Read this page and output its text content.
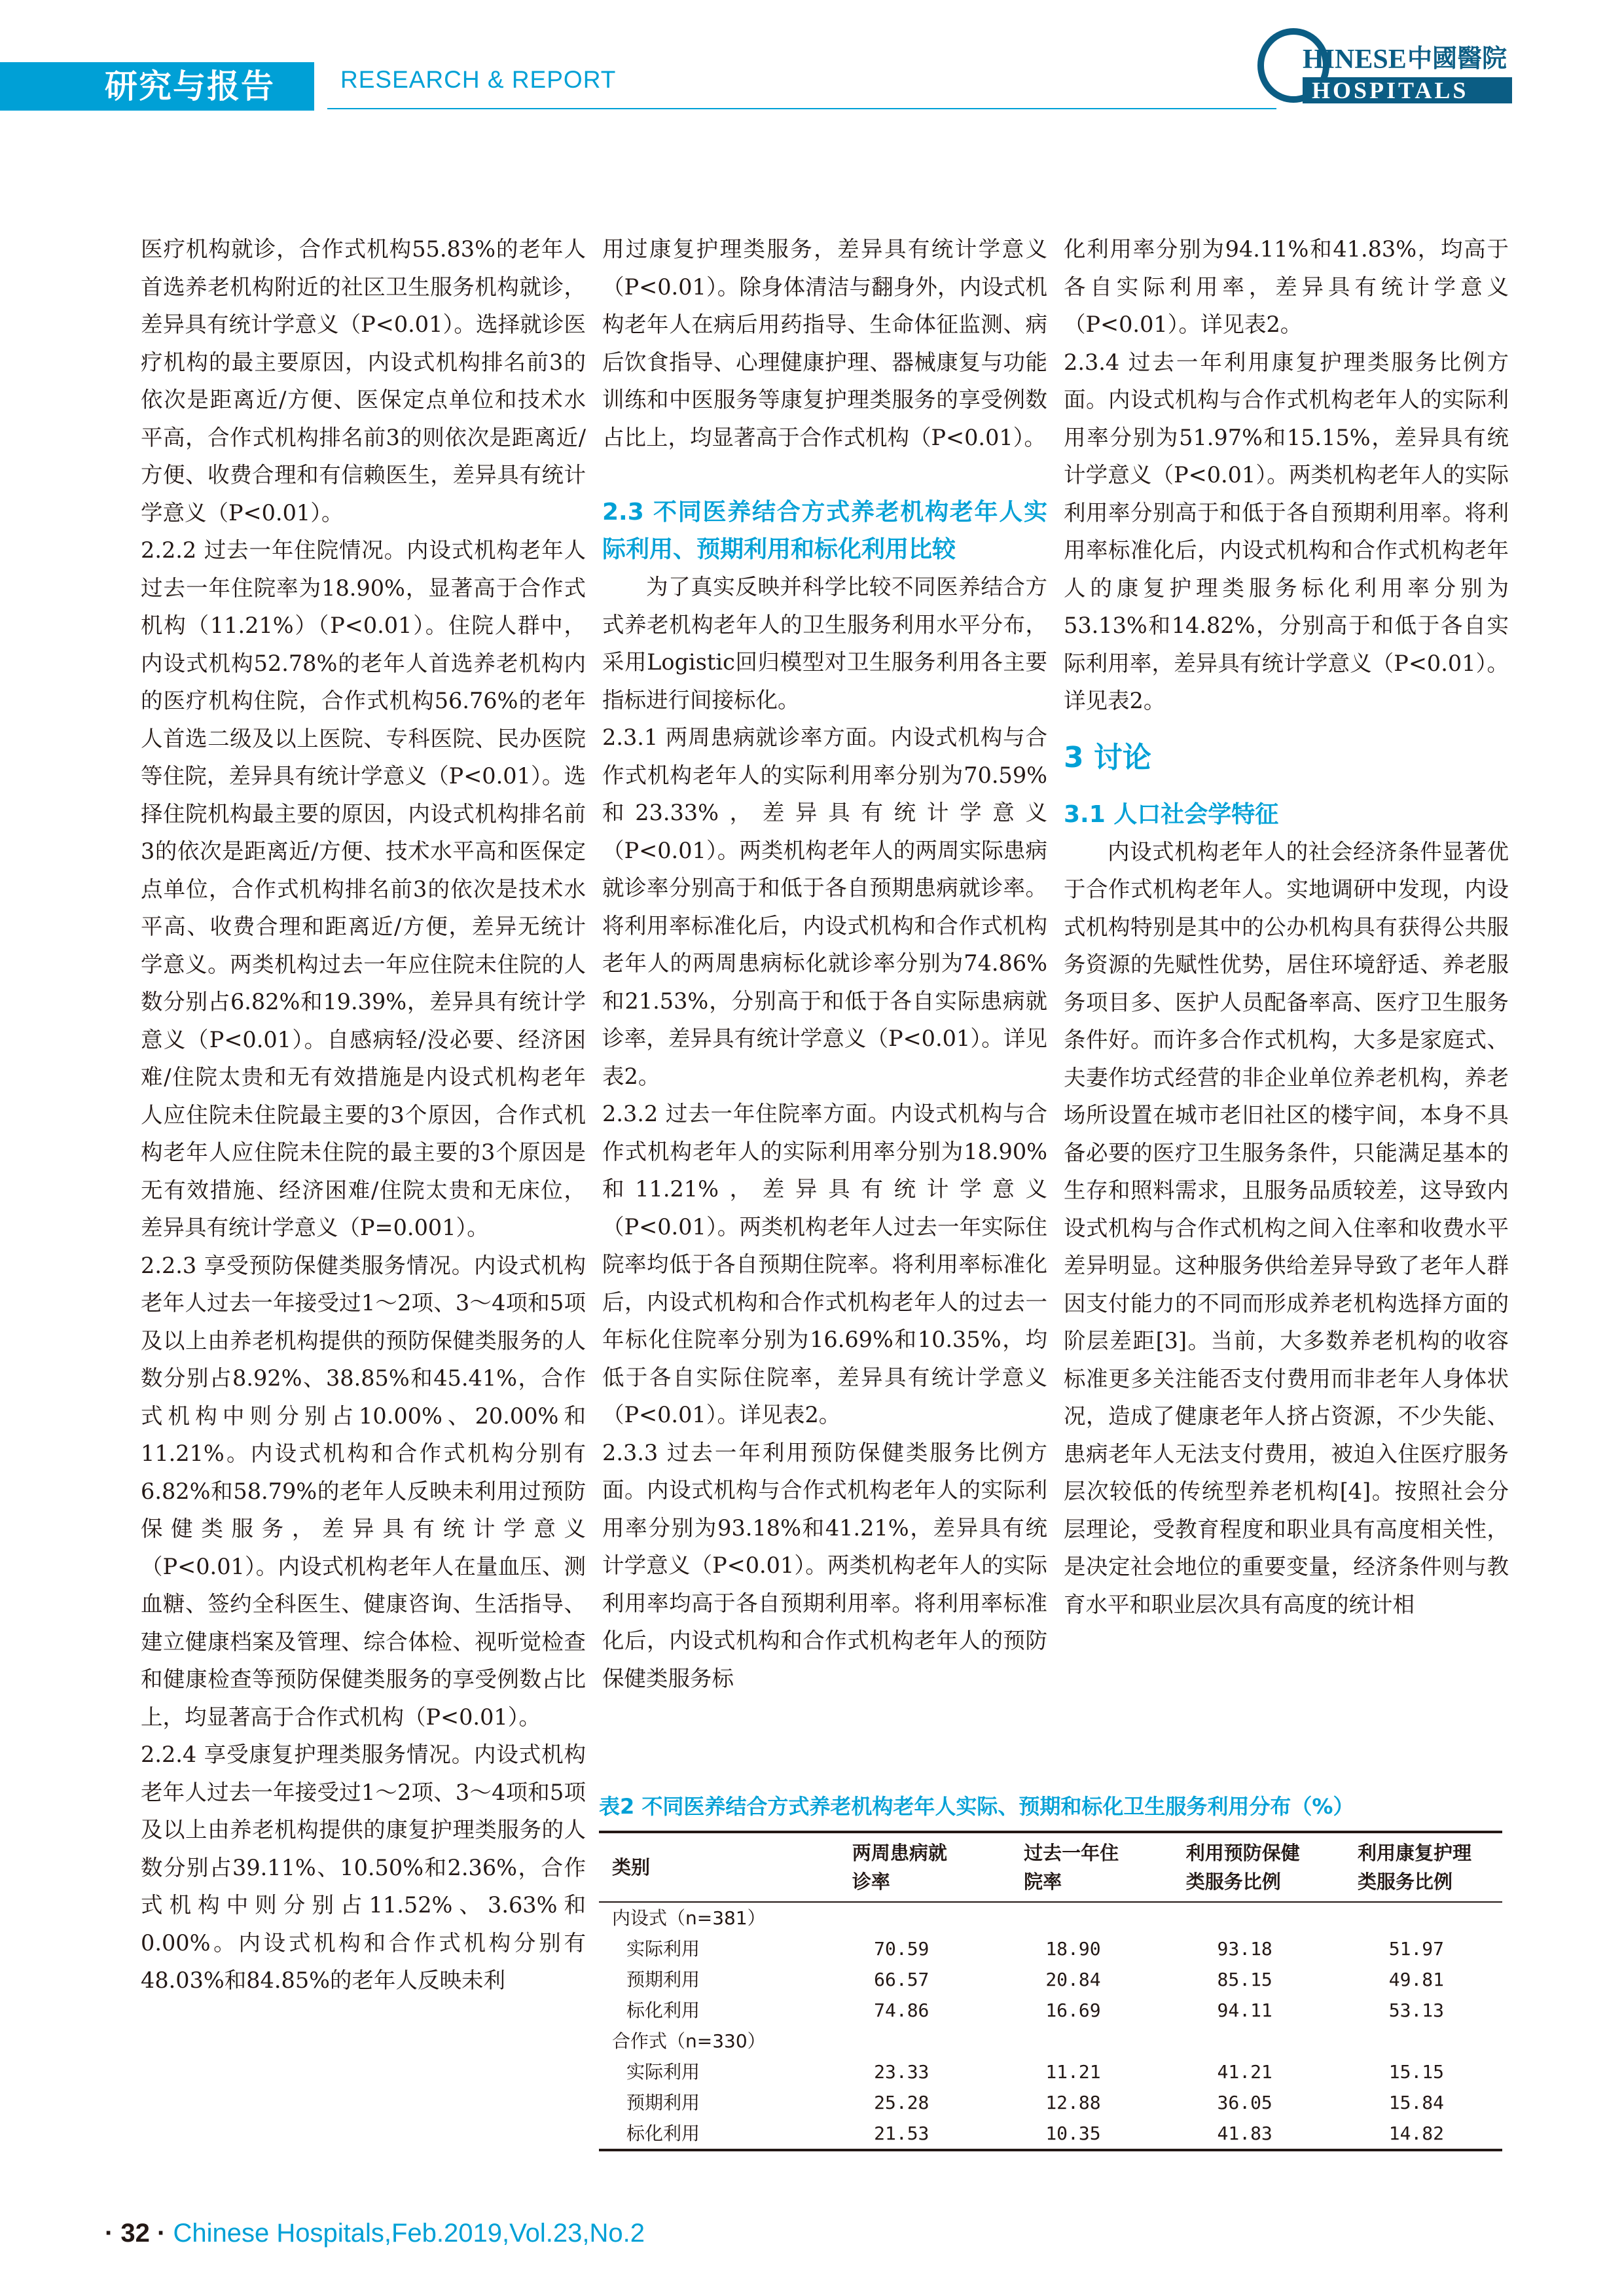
研究与报告	RESEARCH & REPORT
HINESE 中國醫院
HOSPITALS

医疗机构就诊，合作式机构55.83%的老年人首选养老机构附近的社区卫生服务机构就诊，差异具有统计学意义（P<0.01）。选择就诊医疗机构的最主要原因，内设式机构排名前3的依次是距离近/方便、医保定点单位和技术水平高，合作式机构排名前3的则依次是距离近/方便、收费合理和有信赖医生，差异具有统计学意义（P<0.01）。

2.2.2 过去一年住院情况。内设式机构老年人过去一年住院率为18.90%，显著高于合作式机构（11.21%）（P<0.01）。住院人群中，内设式机构52.78%的老年人首选养老机构内的医疗机构住院，合作式机构56.76%的老年人首选二级及以上医院、专科医院、民办医院等住院，差异具有统计学意义（P<0.01）。选择住院机构最主要的原因，内设式机构排名前3的依次是距离近/方便、技术水平高和医保定点单位，合作式机构排名前3的依次是技术水平高、收费合理和距离近/方便，差异无统计学意义。两类机构过去一年应住院未住院的人数分别占6.82%和19.39%，差异具有统计学意义（P<0.01）。自感病轻/没必要、经济困难/住院太贵和无有效措施是内设式机构老年人应住院未住院最主要的3个原因，合作式机构老年人应住院未住院的最主要的3个原因是无有效措施、经济困难/住院太贵和无床位，差异具有统计学意义（P=0.001）。

2.2.3 享受预防保健类服务情况。内设式机构老年人过去一年接受过1～2项、3～4项和5项及以上由养老机构提供的预防保健类服务的人数分别占8.92%、38.85%和45.41%，合作式机构中则分别占10.00%、20.00%和11.21%。内设式机构和合作式机构分别有6.82%和58.79%的老年人反映未利用过预防保健类服务，差异具有统计学意义（P<0.01）。内设式机构老年人在量血压、测血糖、签约全科医生、健康咨询、生活指导、建立健康档案及管理、综合体检、视听觉检查和健康检查等预防保健类服务的享受例数占比上，均显著高于合作式机构（P<0.01）。

2.2.4 享受康复护理类服务情况。内设式机构老年人过去一年接受过1～2项、3～4项和5项及以上由养老机构提供的康复护理类服务的人数分别占39.11%、10.50%和2.36%，合作式机构中则分别占11.52%、3.63%和0.00%。内设式机构和合作式机构分别有48.03%和84.85%的老年人反映未利

用过康复护理类服务，差异具有统计学意义（P<0.01）。除身体清洁与翻身外，内设式机构老年人在病后用药指导、生命体征监测、病后饮食指导、心理健康护理、器械康复与功能训练和中医服务等康复护理类服务的享受例数占比上，均显著高于合作式机构（P<0.01）。

2.3 不同医养结合方式养老机构老年人实际利用、预期利用和标化利用比较

为了真实反映并科学比较不同医养结合方式养老机构老年人的卫生服务利用水平分布，采用Logistic回归模型对卫生服务利用各主要指标进行间接标化。

2.3.1 两周患病就诊率方面。内设式机构与合作式机构老年人的实际利用率分别为70.59%和23.33%，差异具有统计学意义（P<0.01）。两类机构老年人的两周实际患病就诊率分别高于和低于各自预期患病就诊率。将利用率标准化后，内设式机构和合作式机构老年人的两周患病标化就诊率分别为74.86%和21.53%，分别高于和低于各自实际患病就诊率，差异具有统计学意义（P<0.01）。详见表2。

2.3.2 过去一年住院率方面。内设式机构与合作式机构老年人的实际利用率分别为18.90%和11.21%，差异具有统计学意义（P<0.01）。两类机构老年人过去一年实际住院率均低于各自预期住院率。将利用率标准化后，内设式机构和合作式机构老年人的过去一年标化住院率分别为16.69%和10.35%，均低于各自实际住院率，差异具有统计学意义（P<0.01）。详见表2。

2.3.3 过去一年利用预防保健类服务比例方面。内设式机构与合作式机构老年人的实际利用率分别为93.18%和41.21%，差异具有统计学意义（P<0.01）。两类机构老年人的实际利用率均高于各自预期利用率。将利用率标准化后，内设式机构和合作式机构老年人的预防保健类服务标

化利用率分别为94.11%和41.83%，均高于各自实际利用率，差异具有统计学意义（P<0.01）。详见表2。

2.3.4 过去一年利用康复护理类服务比例方面。内设式机构与合作式机构老年人的实际利用率分别为51.97%和15.15%，差异具有统计学意义（P<0.01）。两类机构老年人的实际利用率分别高于和低于各自预期利用率。将利用率标准化后，内设式机构和合作式机构老年人的康复护理类服务标化利用率分别为53.13%和14.82%，分别高于和低于各自实际利用率，差异具有统计学意义（P<0.01）。详见表2。

3 讨论

3.1 人口社会学特征

内设式机构老年人的社会经济条件显著优于合作式机构老年人。实地调研中发现，内设式机构特别是其中的公办机构具有获得公共服务资源的先赋性优势，居住环境舒适、养老服务项目多、医护人员配备率高、医疗卫生服务条件好。而许多合作式机构，大多是家庭式、夫妻作坊式经营的非企业单位养老机构，养老场所设置在城市老旧社区的楼宇间，本身不具备必要的医疗卫生服务条件，只能满足基本的生存和照料需求，且服务品质较差，这导致内设式机构与合作式机构之间入住率和收费水平差异明显。这种服务供给差异导致了老年人群因支付能力的不同而形成养老机构选择方面的阶层差距[3]。当前，大多数养老机构的收容标准更多关注能否支付费用而非老年人身体状况，造成了健康老年人挤占资源，不少失能、患病老年人无法支付费用，被迫入住医疗服务层次较低的传统型养老机构[4]。按照社会分层理论，受教育程度和职业具有高度相关性，是决定社会地位的重要变量，经济条件则与教育水平和职业层次具有高度的统计相

表2 不同医养结合方式养老机构老年人实际、预期和标化卫生服务利用分布（%）
类别	两周患病就诊率	过去一年住院率	利用预防保健类服务比例	利用康复护理类服务比例

内设式（n=381）				
实际利用	70.59	18.90	93.18	51.97
预期利用	66.57	20.84	85.15	49.81
标化利用	74.86	16.69	94.11	53.13
合作式（n=330）				
实际利用	23.33	11.21	41.21	15.15
预期利用	25.28	12.88	36.05	15.84
标化利用	21.53	10.35	41.83	14.82
· 32 · Chinese Hospitals,Feb.2019,Vol.23,No.2
